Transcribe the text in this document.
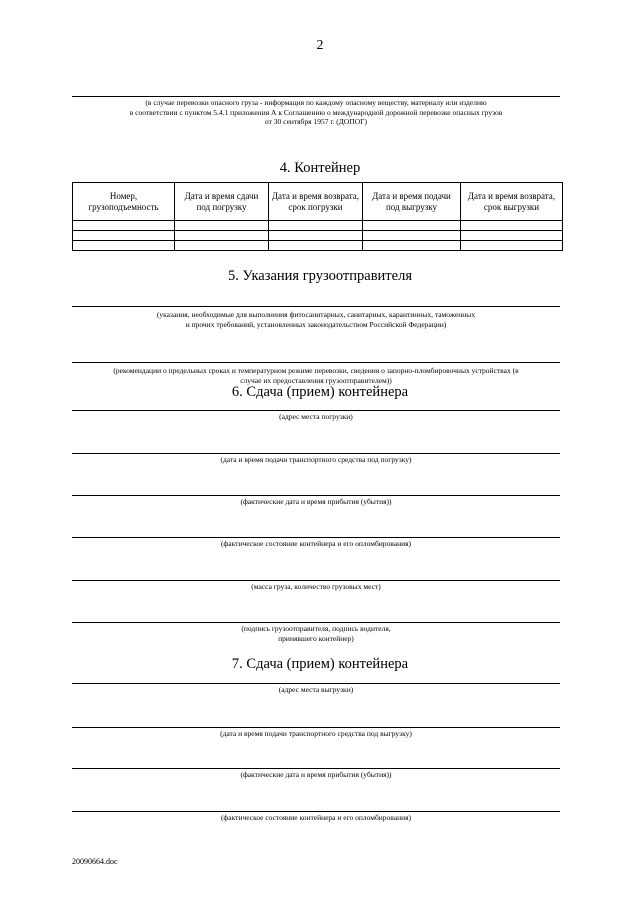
2
(в случае перевозки опасного груза - информация по каждому опасному веществу, материалу или изделию
в соответствии с пунктом 5.4.1 приложения А к Соглашению о международной дорожной перевозке опасных грузов
от 30 сентября 1957 г. (ДОПОГ)
4. Контейнер
Номер, грузоподъемность	Дата и время сдачи под погрузку	Дата и время возврата, срок погрузки	Дата и время подачи под выгрузку	Дата и время возврата, срок выгрузки

5. Указания грузоотправителя
(указания, необходимые для выполнения фитосанитарных, санитарных, карантинных, таможенных
и прочих требований, установленных законодательством Российской Федерации)
(рекомендации о предельных сроках и температурном режиме перевозки, сведения о запорно-пломбировочных устройствах (в
случае их предоставления грузоотправителем))
6. Сдача (прием) контейнера
(адрес места погрузки)
(дата и время подачи транспортного средства под погрузку)
(фактические дата и время прибытия (убытия))
(фактическое состояние контейнера и его опломбирования)
(масса груза, количество грузовых мест)
(подпись грузоотправителя, подпись водителя,
принявшего контейнер)
7. Сдача (прием) контейнера
(адрес места выгрузки)
(дата и время подачи транспортного средства под выгрузку)
(фактические дата и время прибытия (убытия))
(фактическое состояние контейнера и его опломбирования)
20090664.doc
